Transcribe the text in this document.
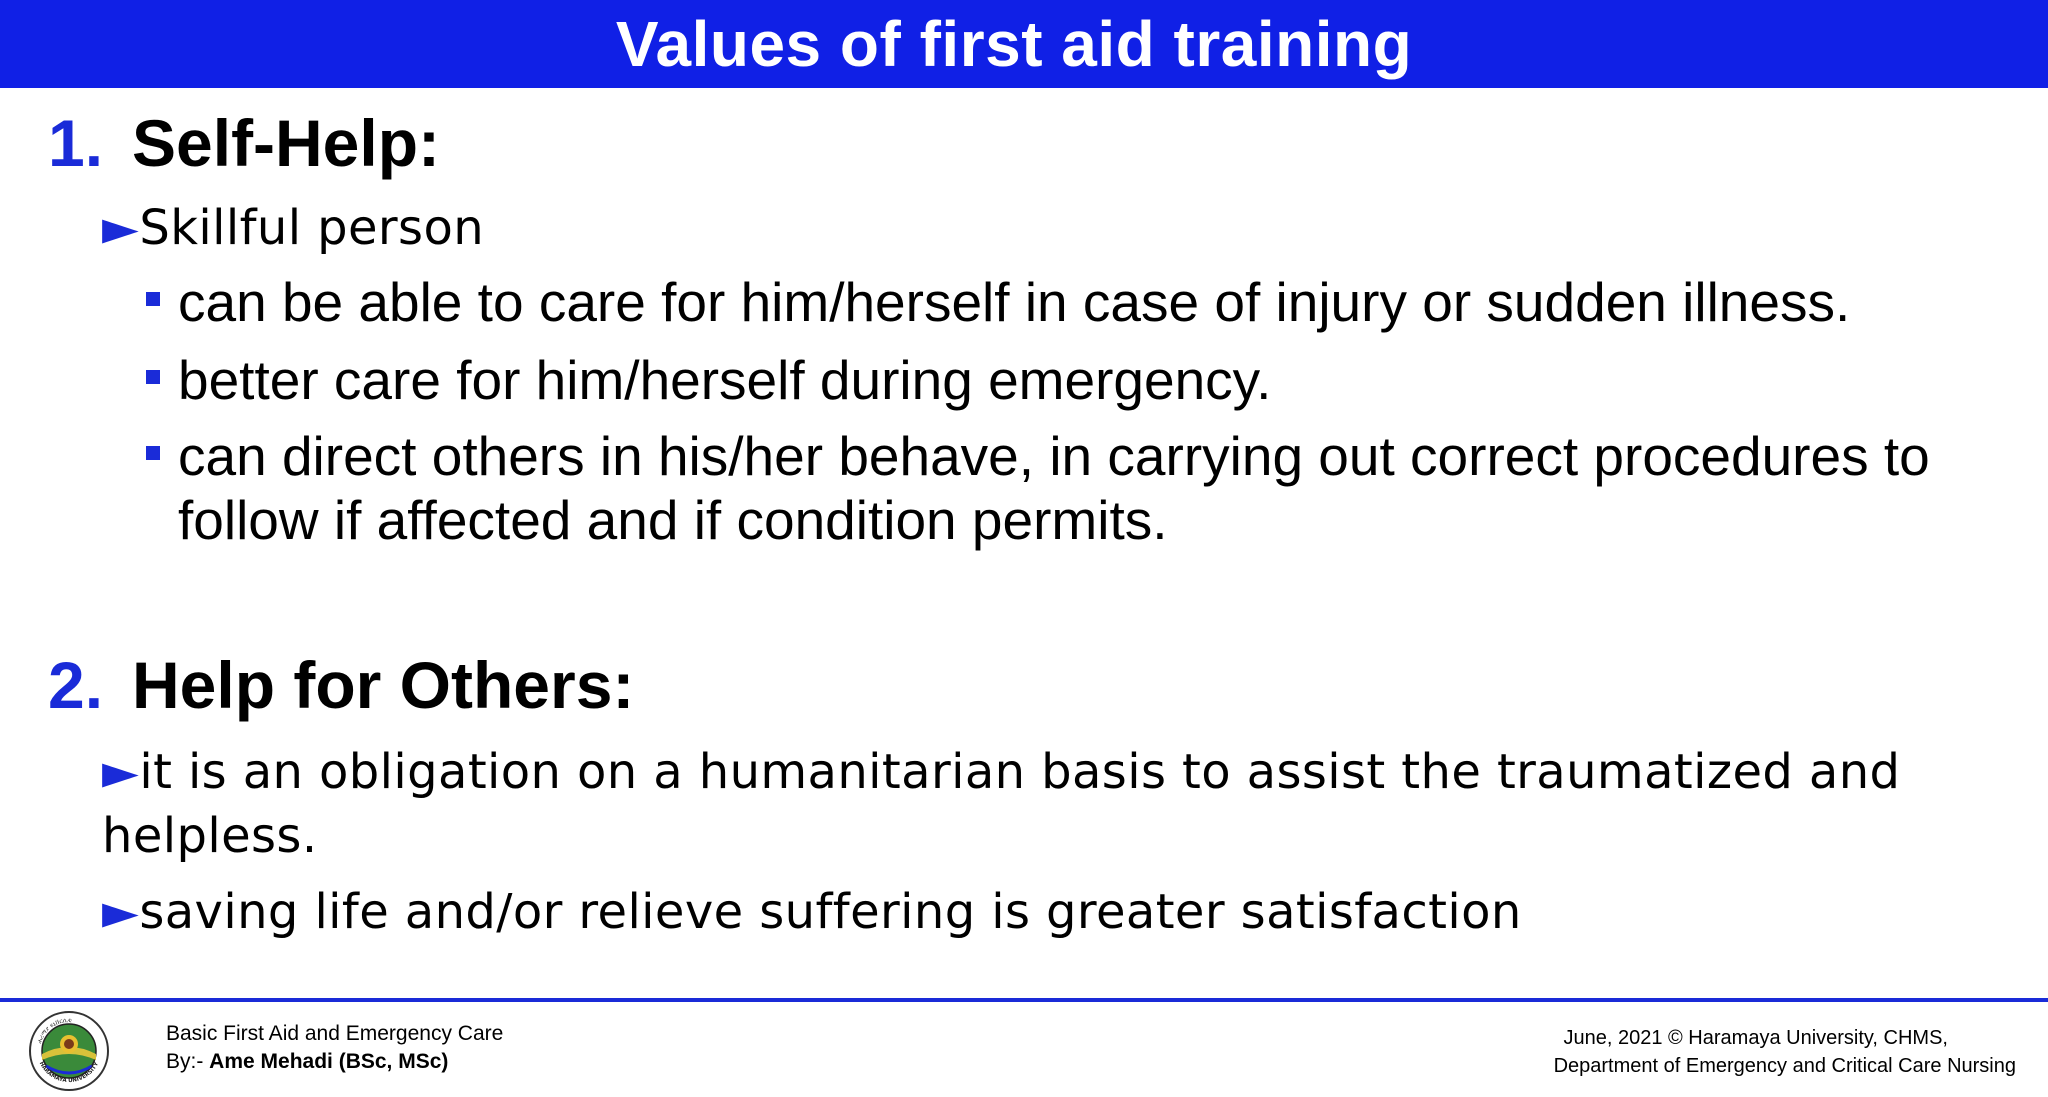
Values of first aid training
1. Self-Help:
►Skillful person
can be able to care for him/herself in case of injury or sudden illness.
better care for him/herself during emergency.
can direct others in his/her behave, in carrying out correct procedures to follow if affected and if condition permits.
2. Help for Others:
►it is an obligation on a humanitarian basis to assist the traumatized and helpless.
►saving life and/or relieve suffering is greater satisfaction
ሐረማያ ዩኒቨርሲቲ
HARAMAYA UNIVERSITY
Basic First Aid and Emergency Care
By:- Ame Mehadi (BSc, MSc)
June, 2021 © Haramaya University, CHMS,
Department of Emergency and Critical Care Nursing
